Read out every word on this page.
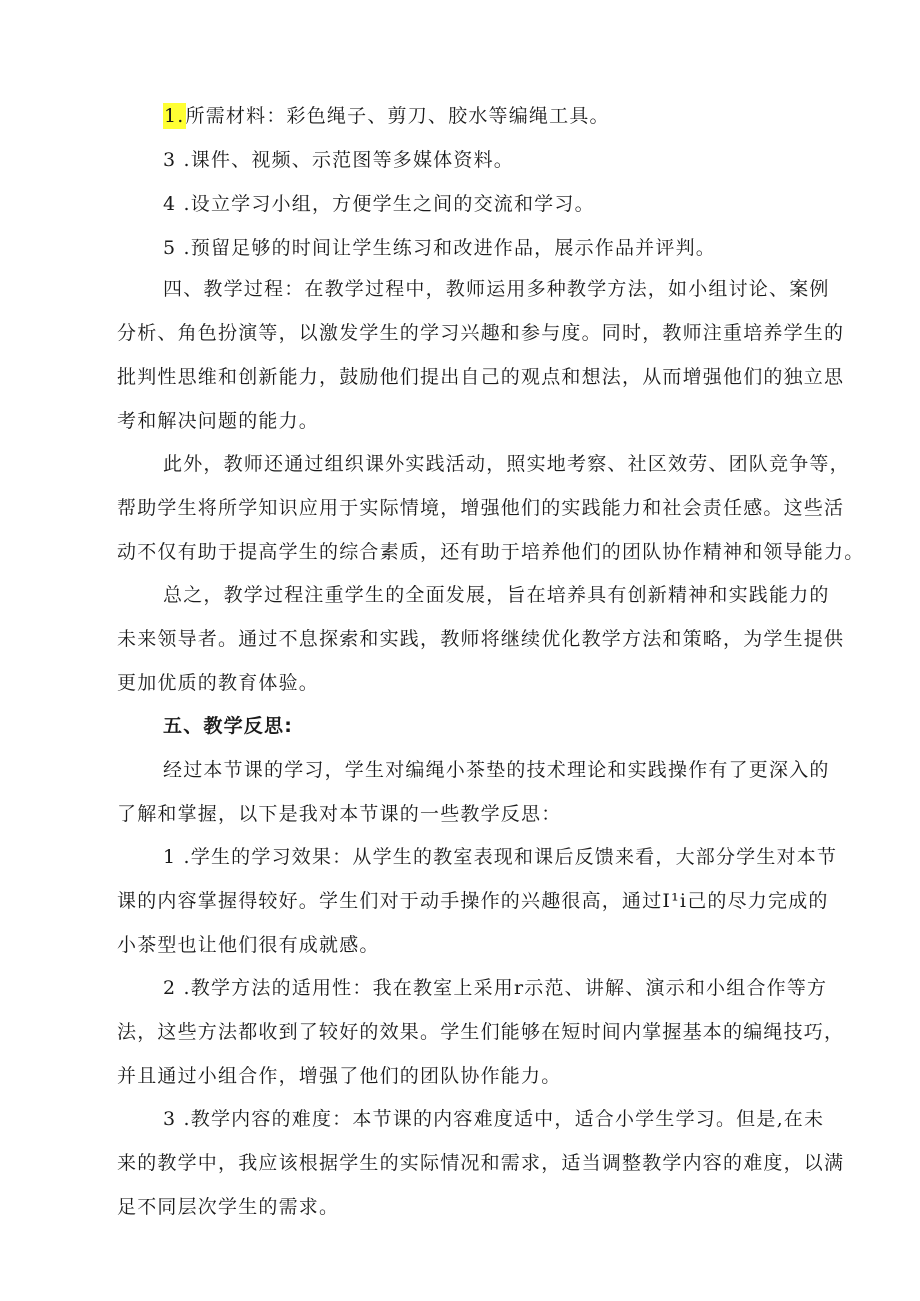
1.所需材料：彩色绳子、剪刀、胶水等编绳工具。
3 .课件、视频、示范图等多媒体资料。
4 .设立学习小组，方便学生之间的交流和学习。
5 .预留足够的时间让学生练习和改进作品，展示作品并评判。
四、教学过程：在教学过程中，教师运用多种教学方法，如小组讨论、案例
分析、角色扮演等，以激发学生的学习兴趣和参与度。同时，教师注重培养学生的
批判性思维和创新能力，鼓励他们提出自己的观点和想法，从而增强他们的独立思
考和解决问题的能力。
此外，教师还通过组织课外实践活动，照实地考察、社区效劳、团队竞争等，
帮助学生将所学知识应用于实际情境，增强他们的实践能力和社会责任感。这些活
动不仅有助于提高学生的综合素质，还有助于培养他们的团队协作精神和领导能力。
总之，教学过程注重学生的全面发展，旨在培养具有创新精神和实践能力的
未来领导者。通过不息探索和实践，教师将继续优化教学方法和策略，为学生提供
更加优质的教育体验。
五、教学反思:
经过本节课的学习，学生对编绳小茶垫的技术理论和实践操作有了更深入的
了解和掌握，以下是我对本节课的一些教学反思：
1 .学生的学习效果：从学生的教室表现和课后反馈来看，大部分学生对本节
课的内容掌握得较好。学生们对于动手操作的兴趣很高，通过I¹i己的尽力完成的
小茶型也让他们很有成就感。
2 .教学方法的适用性：我在教室上采用r示范、讲解、演示和小组合作等方
法，这些方法都收到了较好的效果。学生们能够在短时间内掌握基本的编绳技巧，
并且通过小组合作，增强了他们的团队协作能力。
3 .教学内容的难度：本节课的内容难度适中，适合小学生学习。但是,在未
来的教学中，我应该根据学生的实际情况和需求，适当调整教学内容的难度，以满
足不同层次学生的需求。
